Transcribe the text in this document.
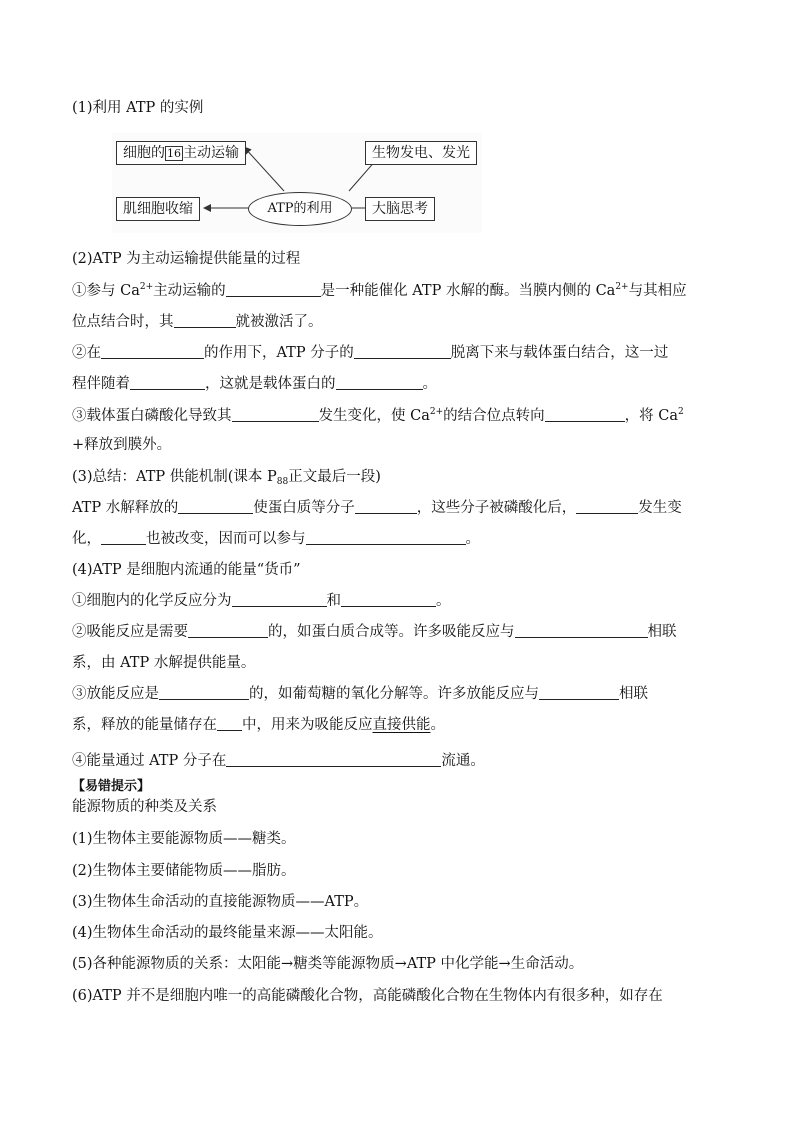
(1)利用 ATP 的实例
细胞的 16 主动运输	生物发电、发光
肌细胞收缩	ATP的利用	大脑思考
(2)ATP 为主动运输提供能量的过程
①参与 $Ca^{2+}$主动运输的	是一种能催化 ATP 水解的酶。当膜内侧的 $Ca^{2+}$与其相应
位点结合时，其	就被激活了。
②在	的作用下，ATP 分子的	脱离下来与载体蛋白结合，这一过
程伴随着	，这就是载体蛋白的	。
③载体蛋白磷酸化导致其	发生变化，使 $Ca^{2+}$的结合位点转向	，将 $Ca^2$
+释放到膜外。
(3)总结：ATP 供能机制(课本 $P_{88}$正文最后一段)
ATP 水解释放的	使蛋白质等分子	，这些分子被磷酸化后，	发生变
化，	也被改变，因而可以参与	。
(4)ATP 是细胞内流通的能量“货币”
①细胞内的化学反应分为	和	。
②吸能反应是需要	的，如蛋白质合成等。许多吸能反应与	相联
系，由 ATP 水解提供能量。
③放能反应是	的，如葡萄糖的氧化分解等。许多放能反应与	相联
系，释放的能量储存在 中，用来为吸能反应直接供能。
④能量通过 ATP 分子在	流通。
【易错提示】
能源物质的种类及关系
(1)生物体主要能源物质——糖类。
(2)生物体主要储能物质——脂肪。
(3)生物体生命活动的直接能源物质——ATP。
(4)生物体生命活动的最终能量来源——太阳能。
(5)各种能源物质的关系：太阳能→糖类等能源物质→ATP 中化学能→生命活动。
(6)ATP 并不是细胞内唯一的高能磷酸化合物，高能磷酸化合物在生物体内有很多种，如存在
